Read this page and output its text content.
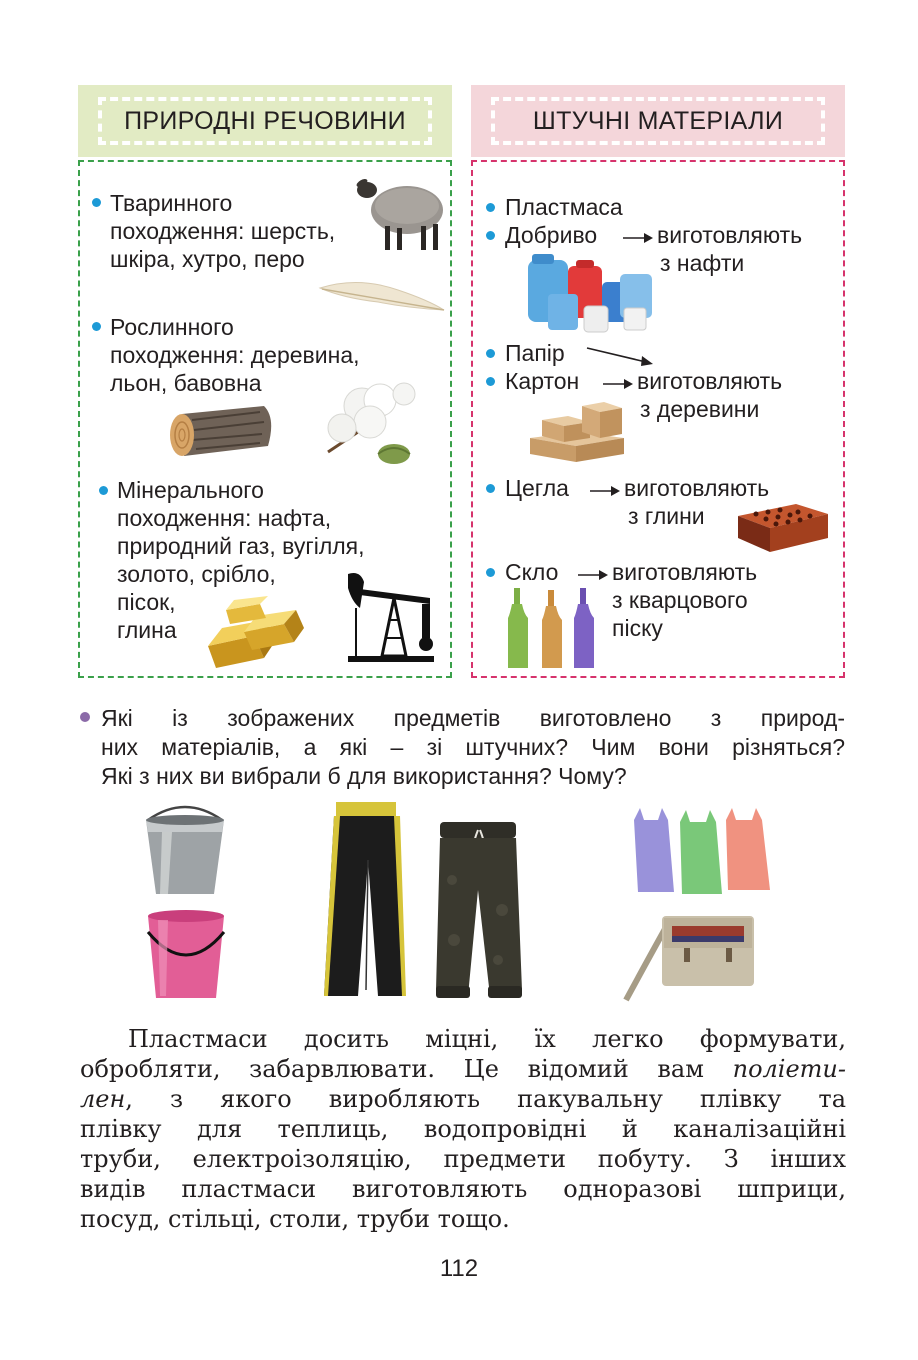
ПРИРОДНІ РЕЧОВИНИ	ШТУЧНІ МАТЕРІАЛИ
Тваринного
походження: шерсть,
шкіра, хутро, перо
Рослинного
походження: деревина,
льон, бавовна
Мінерального
походження: нафта,
природний газ, вугілля,
золото, срібло,
пісок,
глина
Пластмаса
Добриво	виготовляють
з нафти
Папір
Картон	виготовляють
з деревини
Цегла виготовляють
з глини
Скло виготовляють
з кварцового
піску
Які із зображених предметів виготовлено з природ-
них матеріалів, а які – зі штучних? Чим вони різняться?
Які з них ви вибрали б для використання? Чому?
Пластмаси досить міцні, їх легко формувати,
обробляти, забарвлювати. Це відомий вам поліети-
лен, з якого виробляють пакувальну плівку та
плівку для теплиць, водопровідні й каналізаційні
труби, електроізоляцію, предмети побуту. З інших
видів пластмаси виготовляють одноразові шприци,
посуд, стільці, столи, труби тощо.
112
